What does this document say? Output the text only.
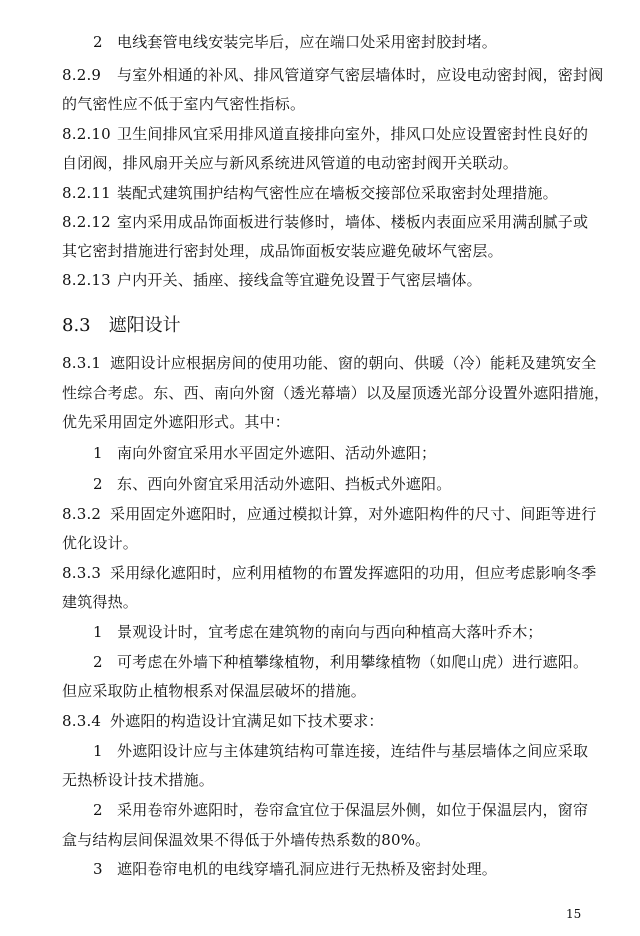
2 电线套管电线安装完毕后，应在端口处采用密封胶封堵。
8.2.9 与室外相通的补风、排风管道穿气密层墙体时，应设电动密封阀，密封阀
的气密性应不低于室内气密性指标。
8.2.10 卫生间排风宜采用排风道直接排向室外，排风口处应设置密封性良好的
自闭阀，排风扇开关应与新风系统进风管道的电动密封阀开关联动。
8.2.11 装配式建筑围护结构气密性应在墙板交接部位采取密封处理措施。
8.2.12 室内采用成品饰面板进行装修时，墙体、楼板内表面应采用满刮腻子或
其它密封措施进行密封处理，成品饰面板安装应避免破坏气密层。
8.2.13 户内开关、插座、接线盒等宜避免设置于气密层墙体。
8.3 遮阳设计
8.3.1 遮阳设计应根据房间的使用功能、窗的朝向、供暖（冷）能耗及建筑安全
性综合考虑。东、西、南向外窗（透光幕墙）以及屋顶透光部分设置外遮阳措施，
优先采用固定外遮阳形式。其中：
1 南向外窗宜采用水平固定外遮阳、活动外遮阳；
2 东、西向外窗宜采用活动外遮阳、挡板式外遮阳。
8.3.2 采用固定外遮阳时，应通过模拟计算，对外遮阳构件的尺寸、间距等进行
优化设计。
8.3.3 采用绿化遮阳时，应利用植物的布置发挥遮阳的功用，但应考虑影响冬季
建筑得热。
1 景观设计时，宜考虑在建筑物的南向与西向种植高大落叶乔木；
2 可考虑在外墙下种植攀缘植物，利用攀缘植物（如爬山虎）进行遮阳。
但应采取防止植物根系对保温层破坏的措施。
8.3.4 外遮阳的构造设计宜满足如下技术要求：
1 外遮阳设计应与主体建筑结构可靠连接，连结件与基层墙体之间应采取
无热桥设计技术措施。
2 采用卷帘外遮阳时，卷帘盒宜位于保温层外侧，如位于保温层内，窗帘
盒与结构层间保温效果不得低于外墙传热系数的80%。
3 遮阳卷帘电机的电线穿墙孔洞应进行无热桥及密封处理。
15
